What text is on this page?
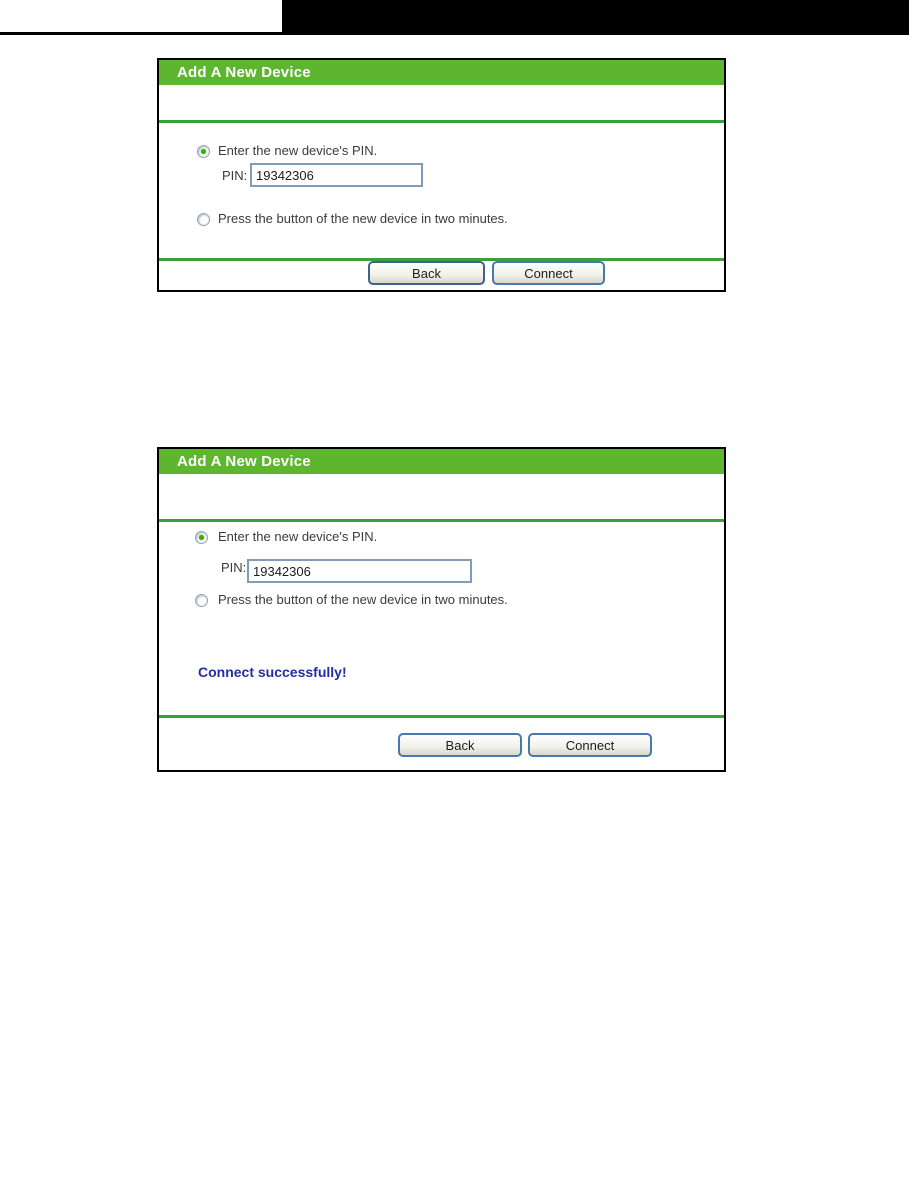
Add A New Device
Enter the new device's PIN.
PIN:
19342306
Press the button of the new device in two minutes.
Back	Connect
Add A New Device
Enter the new device's PIN.
PIN:
19342306
Press the button of the new device in two minutes.
Connect successfully!
Back	Connect
